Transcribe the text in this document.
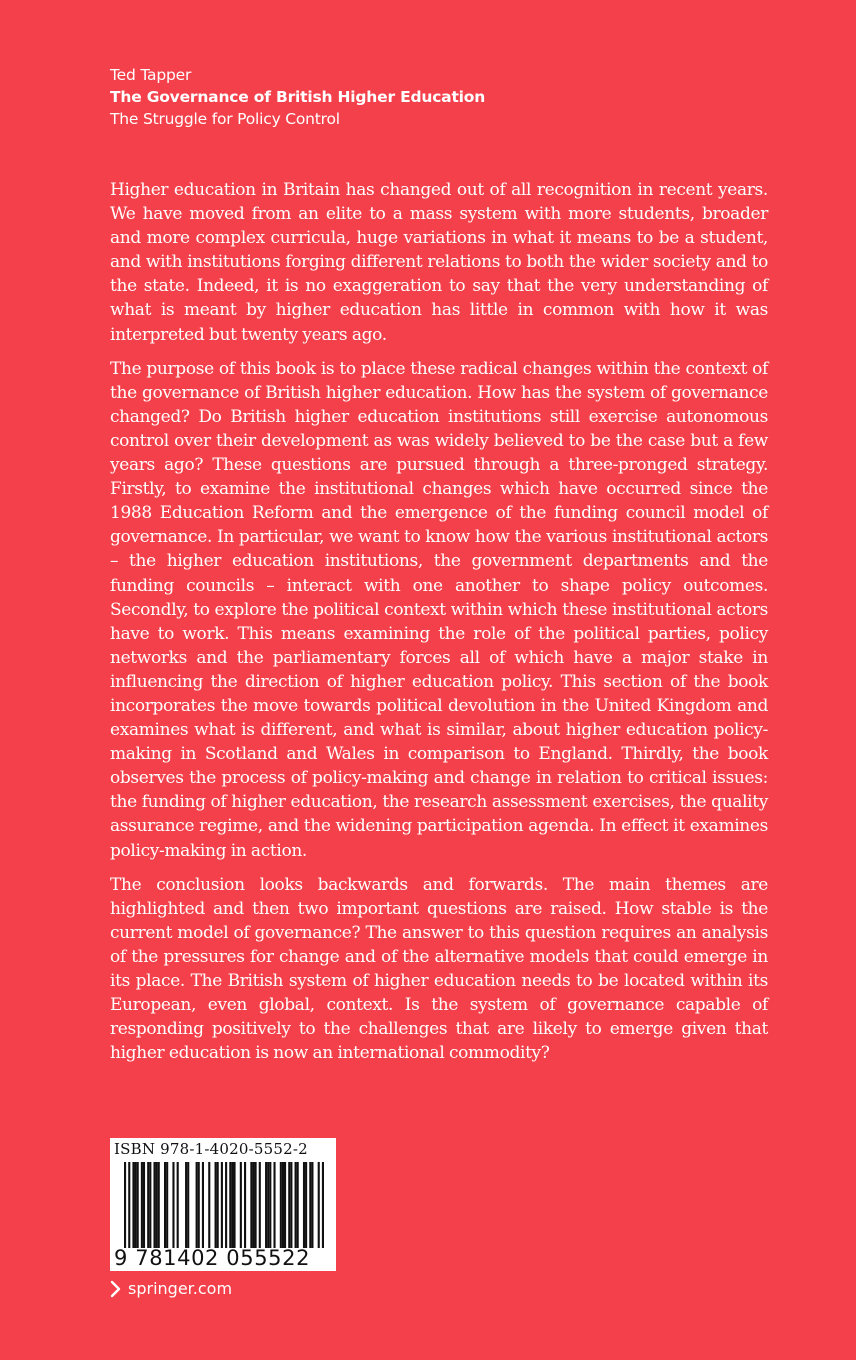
Ted Tapper
The Governance of British Higher Education
The Struggle for Policy Control

Higher education in Britain has changed out of all recognition in recent years. We have moved from an elite to a mass system with more students, broader and more complex curricula, huge variations in what it means to be a student, and with institutions forging different relations to both the wider society and to the state. Indeed, it is no exaggeration to say that the very understanding of what is meant by higher education has little in common with how it was interpreted but twenty years ago.

The purpose of this book is to place these radical changes within the context of the governance of British higher education. How has the system of governance changed? Do British higher education institutions still exercise autonomous control over their development as was widely believed to be the case but a few years ago? These questions are pursued through a three-pronged strategy. Firstly, to examine the institutional changes which have occurred since the 1988 Education Reform and the emergence of the funding council model of governance. In particular, we want to know how the various institutional actors – the higher education institutions, the government departments and the funding councils – interact with one another to shape policy outcomes. Secondly, to explore the political context within which these institutional actors have to work. This means examining the role of the political parties, policy networks and the parliamentary forces all of which have a major stake in influencing the direction of higher education policy. This section of the book incorporates the move towards political devolution in the United Kingdom and examines what is different, and what is similar, about higher education policy-making in Scotland and Wales in comparison to England. Thirdly, the book observes the process of policy-making and change in relation to critical issues: the funding of higher education, the research assessment exercises, the quality assurance regime, and the widening participation agenda. In effect it examines policy-making in action.

The conclusion looks backwards and forwards. The main themes are highlighted and then two important questions are raised. How stable is the current model of governance? The answer to this question requires an analysis of the pressures for change and of the alternative models that could emerge in its place. The British system of higher education needs to be located within its European, even global, context. Is the system of governance capable of responding positively to the challenges that are likely to emerge given that higher education is now an international commodity?

ISBN 978-1-4020-5552-2
9 781402 055522
springer.com
